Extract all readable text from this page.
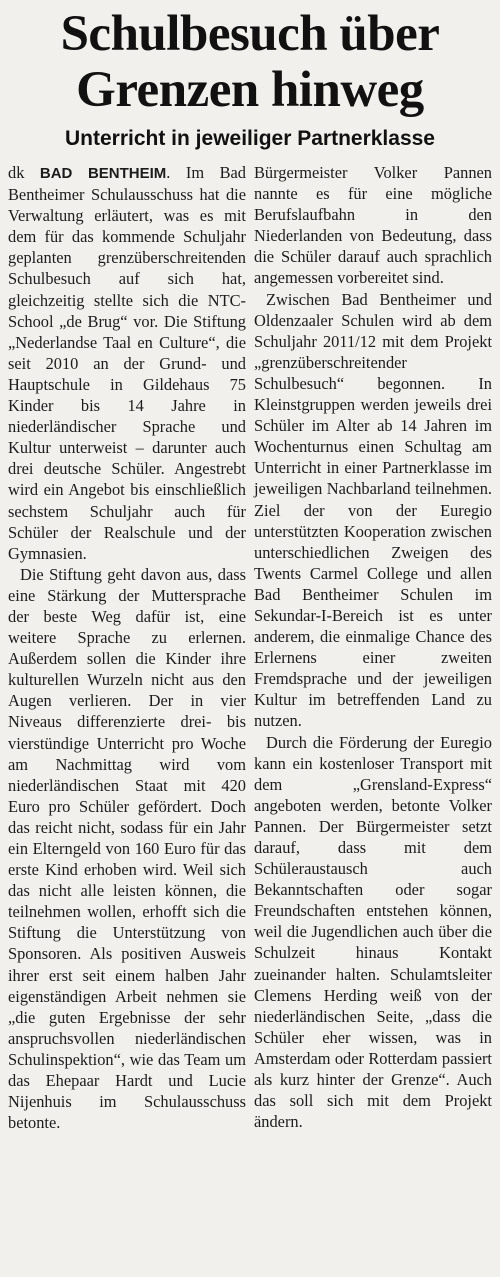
Schulbesuch über Grenzen hinweg
Unterricht in jeweiliger Partnerklasse

dk BAD BENTHEIM. Im Bad Bentheimer Schulausschuss hat die Verwaltung erläutert, was es mit dem für das kommende Schuljahr geplanten grenzüberschreitenden Schulbesuch auf sich hat, gleichzeitig stellte sich die NTC-School „de Brug“ vor. Die Stiftung „Nederlandse Taal en Culture“, die seit 2010 an der Grund- und Hauptschule in Gildehaus 75 Kinder bis 14 Jahre in niederländischer Sprache und Kultur unterweist – darunter auch drei deutsche Schüler. Angestrebt wird ein Angebot bis einschließlich sechstem Schuljahr auch für Schüler der Realschule und der Gymnasien.

Die Stiftung geht davon aus, dass eine Stärkung der Muttersprache der beste Weg dafür ist, eine weitere Sprache zu erlernen. Außerdem sollen die Kinder ihre kulturellen Wurzeln nicht aus den Augen verlieren. Der in vier Niveaus differenzierte drei- bis vierstündige Unterricht pro Woche am Nachmittag wird vom niederländischen Staat mit 420 Euro pro Schüler gefördert. Doch das reicht nicht, sodass für ein Jahr ein Elterngeld von 160 Euro für das erste Kind erhoben wird. Weil sich das nicht alle leisten können, die teilnehmen wollen, erhofft sich die Stiftung die Unterstützung von Sponsoren. Als positiven Ausweis ihrer erst seit einem halben Jahr eigenständigen Arbeit nehmen sie „die guten Ergebnisse der sehr anspruchsvollen niederländischen Schulinspektion“, wie das Team um das Ehepaar Hardt und Lucie Nijenhuis im Schulausschuss betonte.

Bürgermeister Volker Pannen nannte es für eine mögliche Berufslaufbahn in den Niederlanden von Bedeutung, dass die Schüler darauf auch sprachlich angemessen vorbereitet sind.

Zwischen Bad Bentheimer und Oldenzaaler Schulen wird ab dem Schuljahr 2011/12 mit dem Projekt „grenzüberschreitender Schulbesuch“ begonnen. In Kleinstgruppen werden jeweils drei Schüler im Alter ab 14 Jahren im Wochenturnus einen Schultag am Unterricht in einer Partnerklasse im jeweiligen Nachbarland teilnehmen. Ziel der von der Euregio unterstützten Kooperation zwischen unterschiedlichen Zweigen des Twents Carmel College und allen Bad Bentheimer Schulen im Sekundar-I-Bereich ist es unter anderem, die einmalige Chance des Erlernens einer zweiten Fremdsprache und der jeweiligen Kultur im betreffenden Land zu nutzen.

Durch die Förderung der Euregio kann ein kostenloser Transport mit dem „Grensland-Express“ angeboten werden, betonte Volker Pannen. Der Bürgermeister setzt darauf, dass mit dem Schüleraustausch auch Bekanntschaften oder sogar Freundschaften entstehen können, weil die Jugendlichen auch über die Schulzeit hinaus Kontakt zueinander halten. Schulamtsleiter Clemens Herding weiß von der niederländischen Seite, „dass die Schüler eher wissen, was in Amsterdam oder Rotterdam passiert als kurz hinter der Grenze“. Auch das soll sich mit dem Projekt ändern.
